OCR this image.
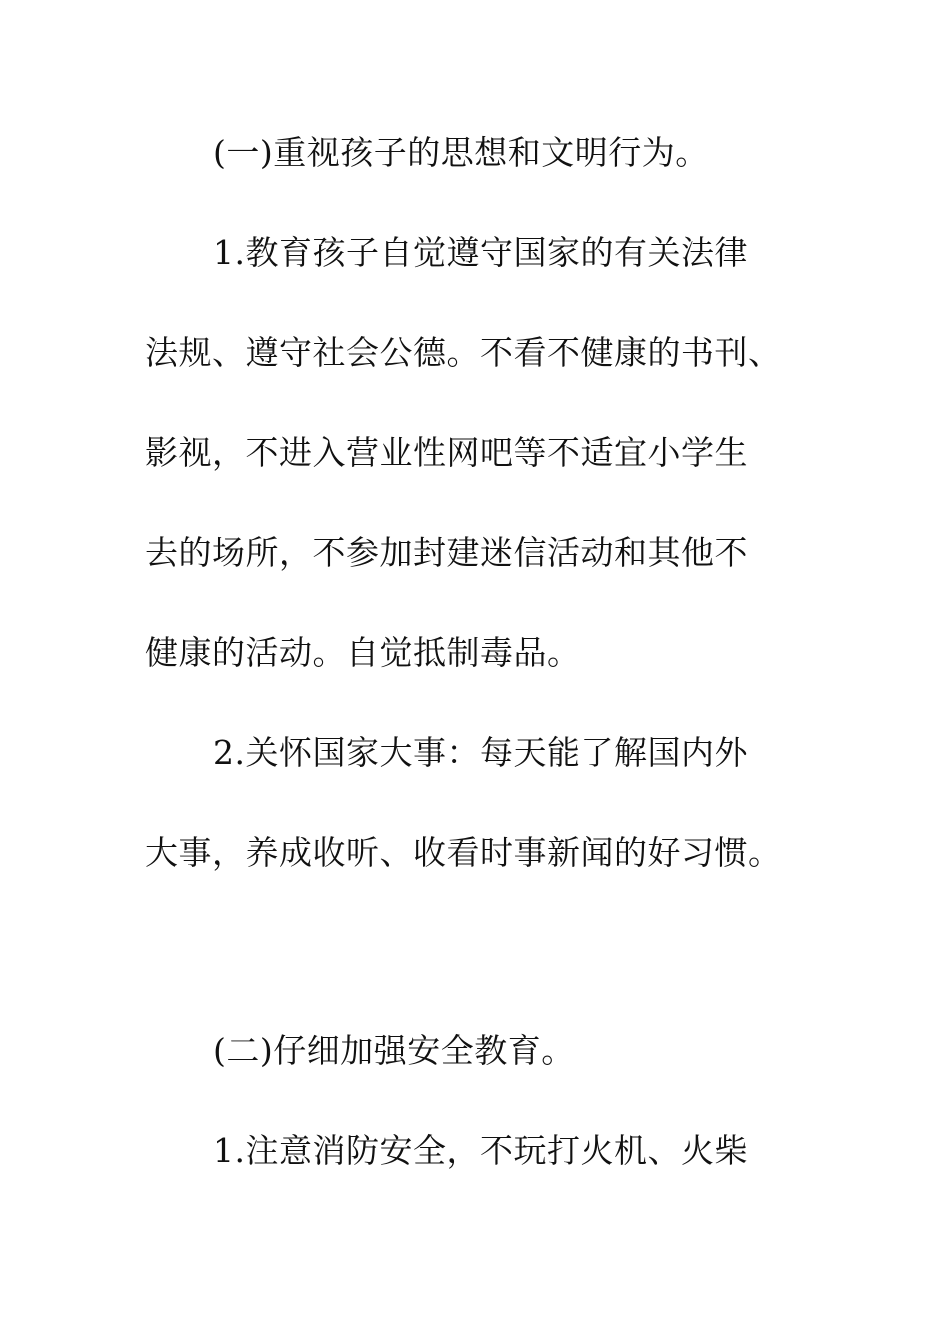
(一)重视孩子的思想和文明行为。
1.教育孩子自觉遵守国家的有关法律
法规、遵守社会公德。不看不健康的书刊、
影视，不进入营业性网吧等不适宜小学生
去的场所，不参加封建迷信活动和其他不
健康的活动。自觉抵制毒品。
2.关怀国家大事：每天能了解国内外
大事，养成收听、收看时事新闻的好习惯。
(二)仔细加强安全教育。
1.注意消防安全，不玩打火机、火柴
